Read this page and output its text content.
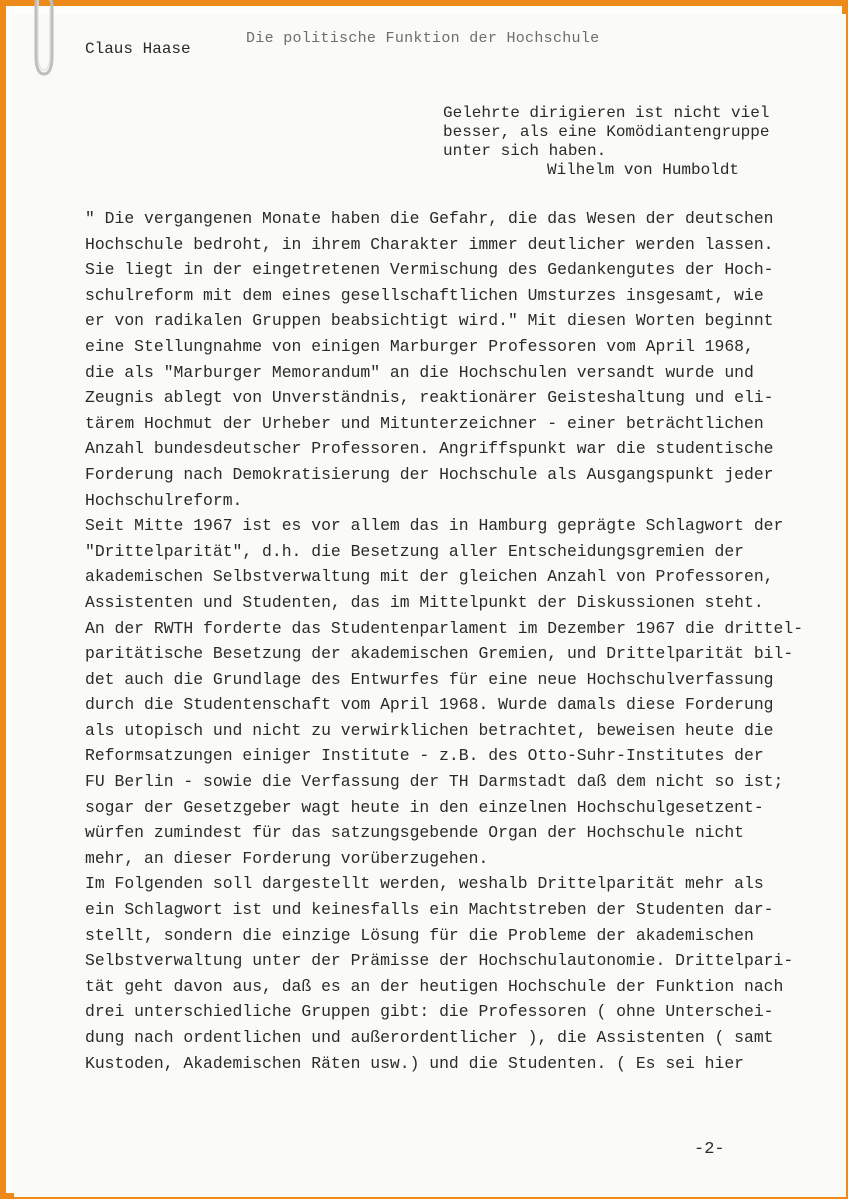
Claus Haase
Die politische Funktion der Hochschule
Gelehrte dirigieren ist nicht viel
besser, als eine Komödiantengruppe
unter sich haben.
Wilhelm von Humboldt
" Die vergangenen Monate haben die Gefahr, die das Wesen der deutschen
Hochschule bedroht, in ihrem Charakter immer deutlicher werden lassen.
Sie liegt in der eingetretenen Vermischung des Gedankengutes der Hoch-
schulreform mit dem eines gesellschaftlichen Umsturzes insgesamt, wie
er von radikalen Gruppen beabsichtigt wird." Mit diesen Worten beginnt
eine Stellungnahme von einigen Marburger Professoren vom April 1968,
die als "Marburger Memorandum" an die Hochschulen versandt wurde und
Zeugnis ablegt von Unverständnis, reaktionärer Geisteshaltung und eli-
tärem Hochmut der Urheber und Mitunterzeichner - einer beträchtlichen
Anzahl bundesdeutscher Professoren. Angriffspunkt war die studentische
Forderung nach Demokratisierung der Hochschule als Ausgangspunkt jeder
Hochschulreform.
Seit Mitte 1967 ist es vor allem das in Hamburg geprägte Schlagwort der
"Drittelparität", d.h. die Besetzung aller Entscheidungsgremien der
akademischen Selbstverwaltung mit der gleichen Anzahl von Professoren,
Assistenten und Studenten, das im Mittelpunkt der Diskussionen steht.
An der RWTH forderte das Studentenparlament im Dezember 1967 die drittel-
paritätische Besetzung der akademischen Gremien, und Drittelparität bil-
det auch die Grundlage des Entwurfes für eine neue Hochschulverfassung
durch die Studentenschaft vom April 1968. Wurde damals diese Forderung
als utopisch und nicht zu verwirklichen betrachtet, beweisen heute die
Reformsatzungen einiger Institute - z.B. des Otto-Suhr-Institutes der
FU Berlin - sowie die Verfassung der TH Darmstadt daß dem nicht so ist;
sogar der Gesetzgeber wagt heute in den einzelnen Hochschulgesetzent-
würfen zumindest für das satzungsgebende Organ der Hochschule nicht
mehr, an dieser Forderung vorüberzugehen.
Im Folgenden soll dargestellt werden, weshalb Drittelparität mehr als
ein Schlagwort ist und keinesfalls ein Machtstreben der Studenten dar-
stellt, sondern die einzige Lösung für die Probleme der akademischen
Selbstverwaltung unter der Prämisse der Hochschulautonomie. Drittelpari-
tät geht davon aus, daß es an der heutigen Hochschule der Funktion nach
drei unterschiedliche Gruppen gibt: die Professoren ( ohne Unterschei-
dung nach ordentlichen und außerordentlicher ), die Assistenten ( samt
Kustoden, Akademischen Räten usw.) und die Studenten. ( Es sei hier
-2-
